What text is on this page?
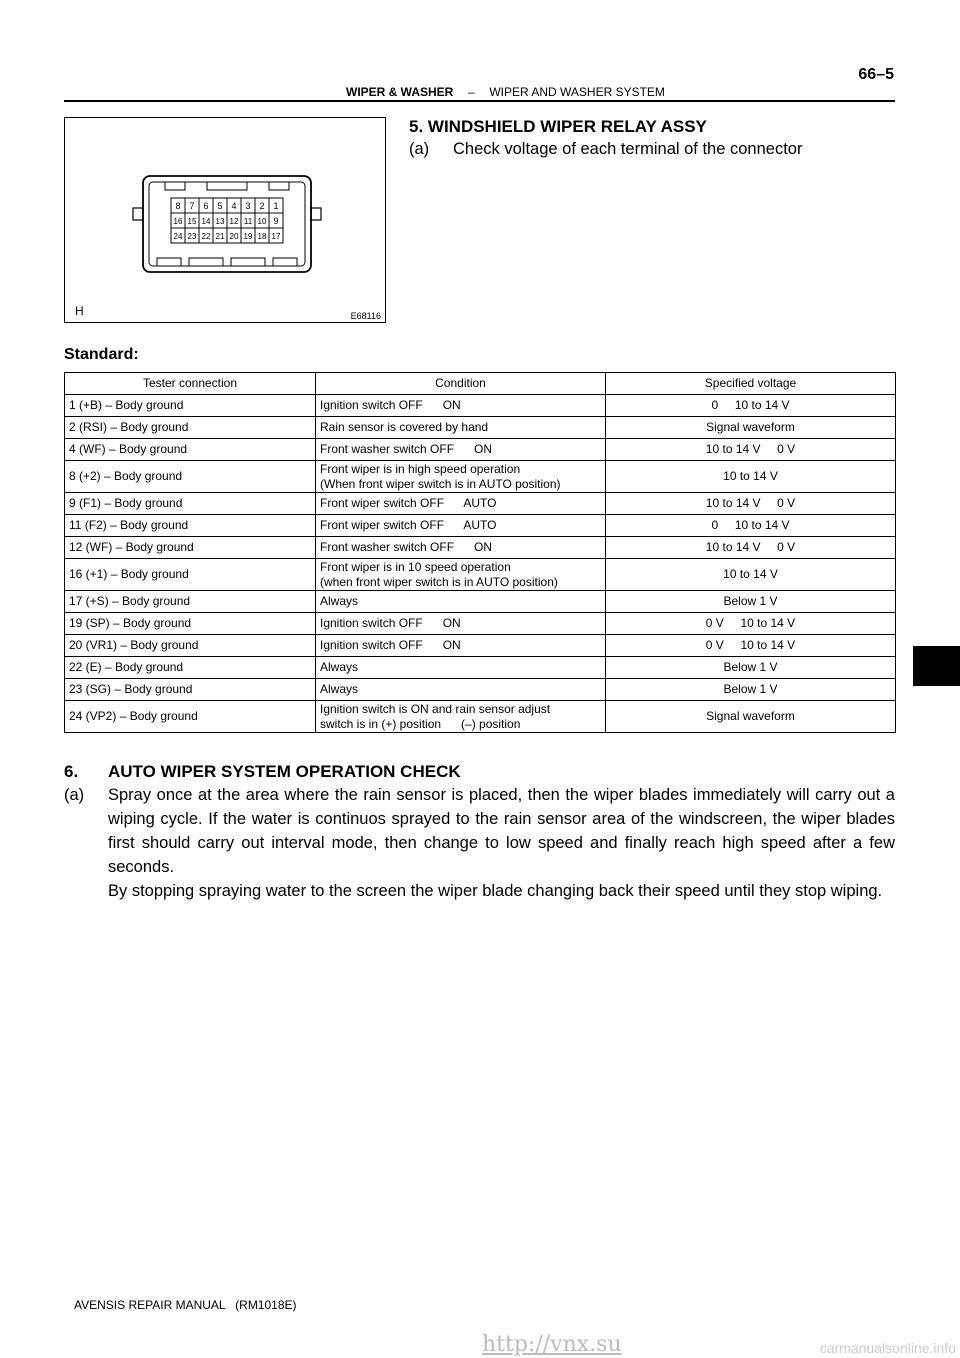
WIPER & WASHER – WIPER AND WASHER SYSTEM
66–5
8 7 6 5 4 3 2 1
16 15 14 13 12 11 10 9
24 23 22 21 20 19 18 17
H	E68116
5. WINDSHIELD WIPER RELAY ASSY
(a) Check voltage of each terminal of the connector
Standard:
Tester connection	Condition	Specified voltage
1 (+B) – Body ground	Ignition switch OFF      ON	0     10 to 14 V
2 (RSI) – Body ground	Rain sensor is covered by hand	Signal waveform
4 (WF) – Body ground	Front washer switch OFF      ON	10 to 14 V     0 V
8 (+2) – Body ground	Front wiper is in high speed operation
(When front wiper switch is in AUTO position)	10 to 14 V
9 (F1) – Body ground	Front wiper switch OFF      AUTO	10 to 14 V     0 V
11 (F2) – Body ground	Front wiper switch OFF      AUTO	0     10 to 14 V
12 (WF) – Body ground	Front washer switch OFF      ON	10 to 14 V     0 V
16 (+1) – Body ground	Front wiper is in 10 speed operation
(when front wiper switch is in AUTO position)	10 to 14 V
17 (+S) – Body ground	Always	Below 1 V
19 (SP) – Body ground	Ignition switch OFF      ON	0 V     10 to 14 V
20 (VR1) – Body ground	Ignition switch OFF      ON	0 V     10 to 14 V
22 (E) – Body ground	Always	Below 1 V
23 (SG) – Body ground	Always	Below 1 V
24 (VP2) – Body ground	Ignition switch is ON and rain sensor adjust
switch is in (+) position      (–) position	Signal waveform
6. AUTO WIPER SYSTEM OPERATION CHECK
(a) Spray once at the area where the rain sensor is placed, then the wiper blades immediately will carry out a wiping cycle. If the water is continuos sprayed to the rain sensor area of the windscreen, the wiper blades first should carry out interval mode, then change to low speed and finally reach high speed after a few seconds.

By stopping spraying water to the screen the wiper blade changing back their speed until they stop wiping.

AVENSIS REPAIR MANUAL   (RM1018E)
http://vnx.su	carmanualsonline.info
